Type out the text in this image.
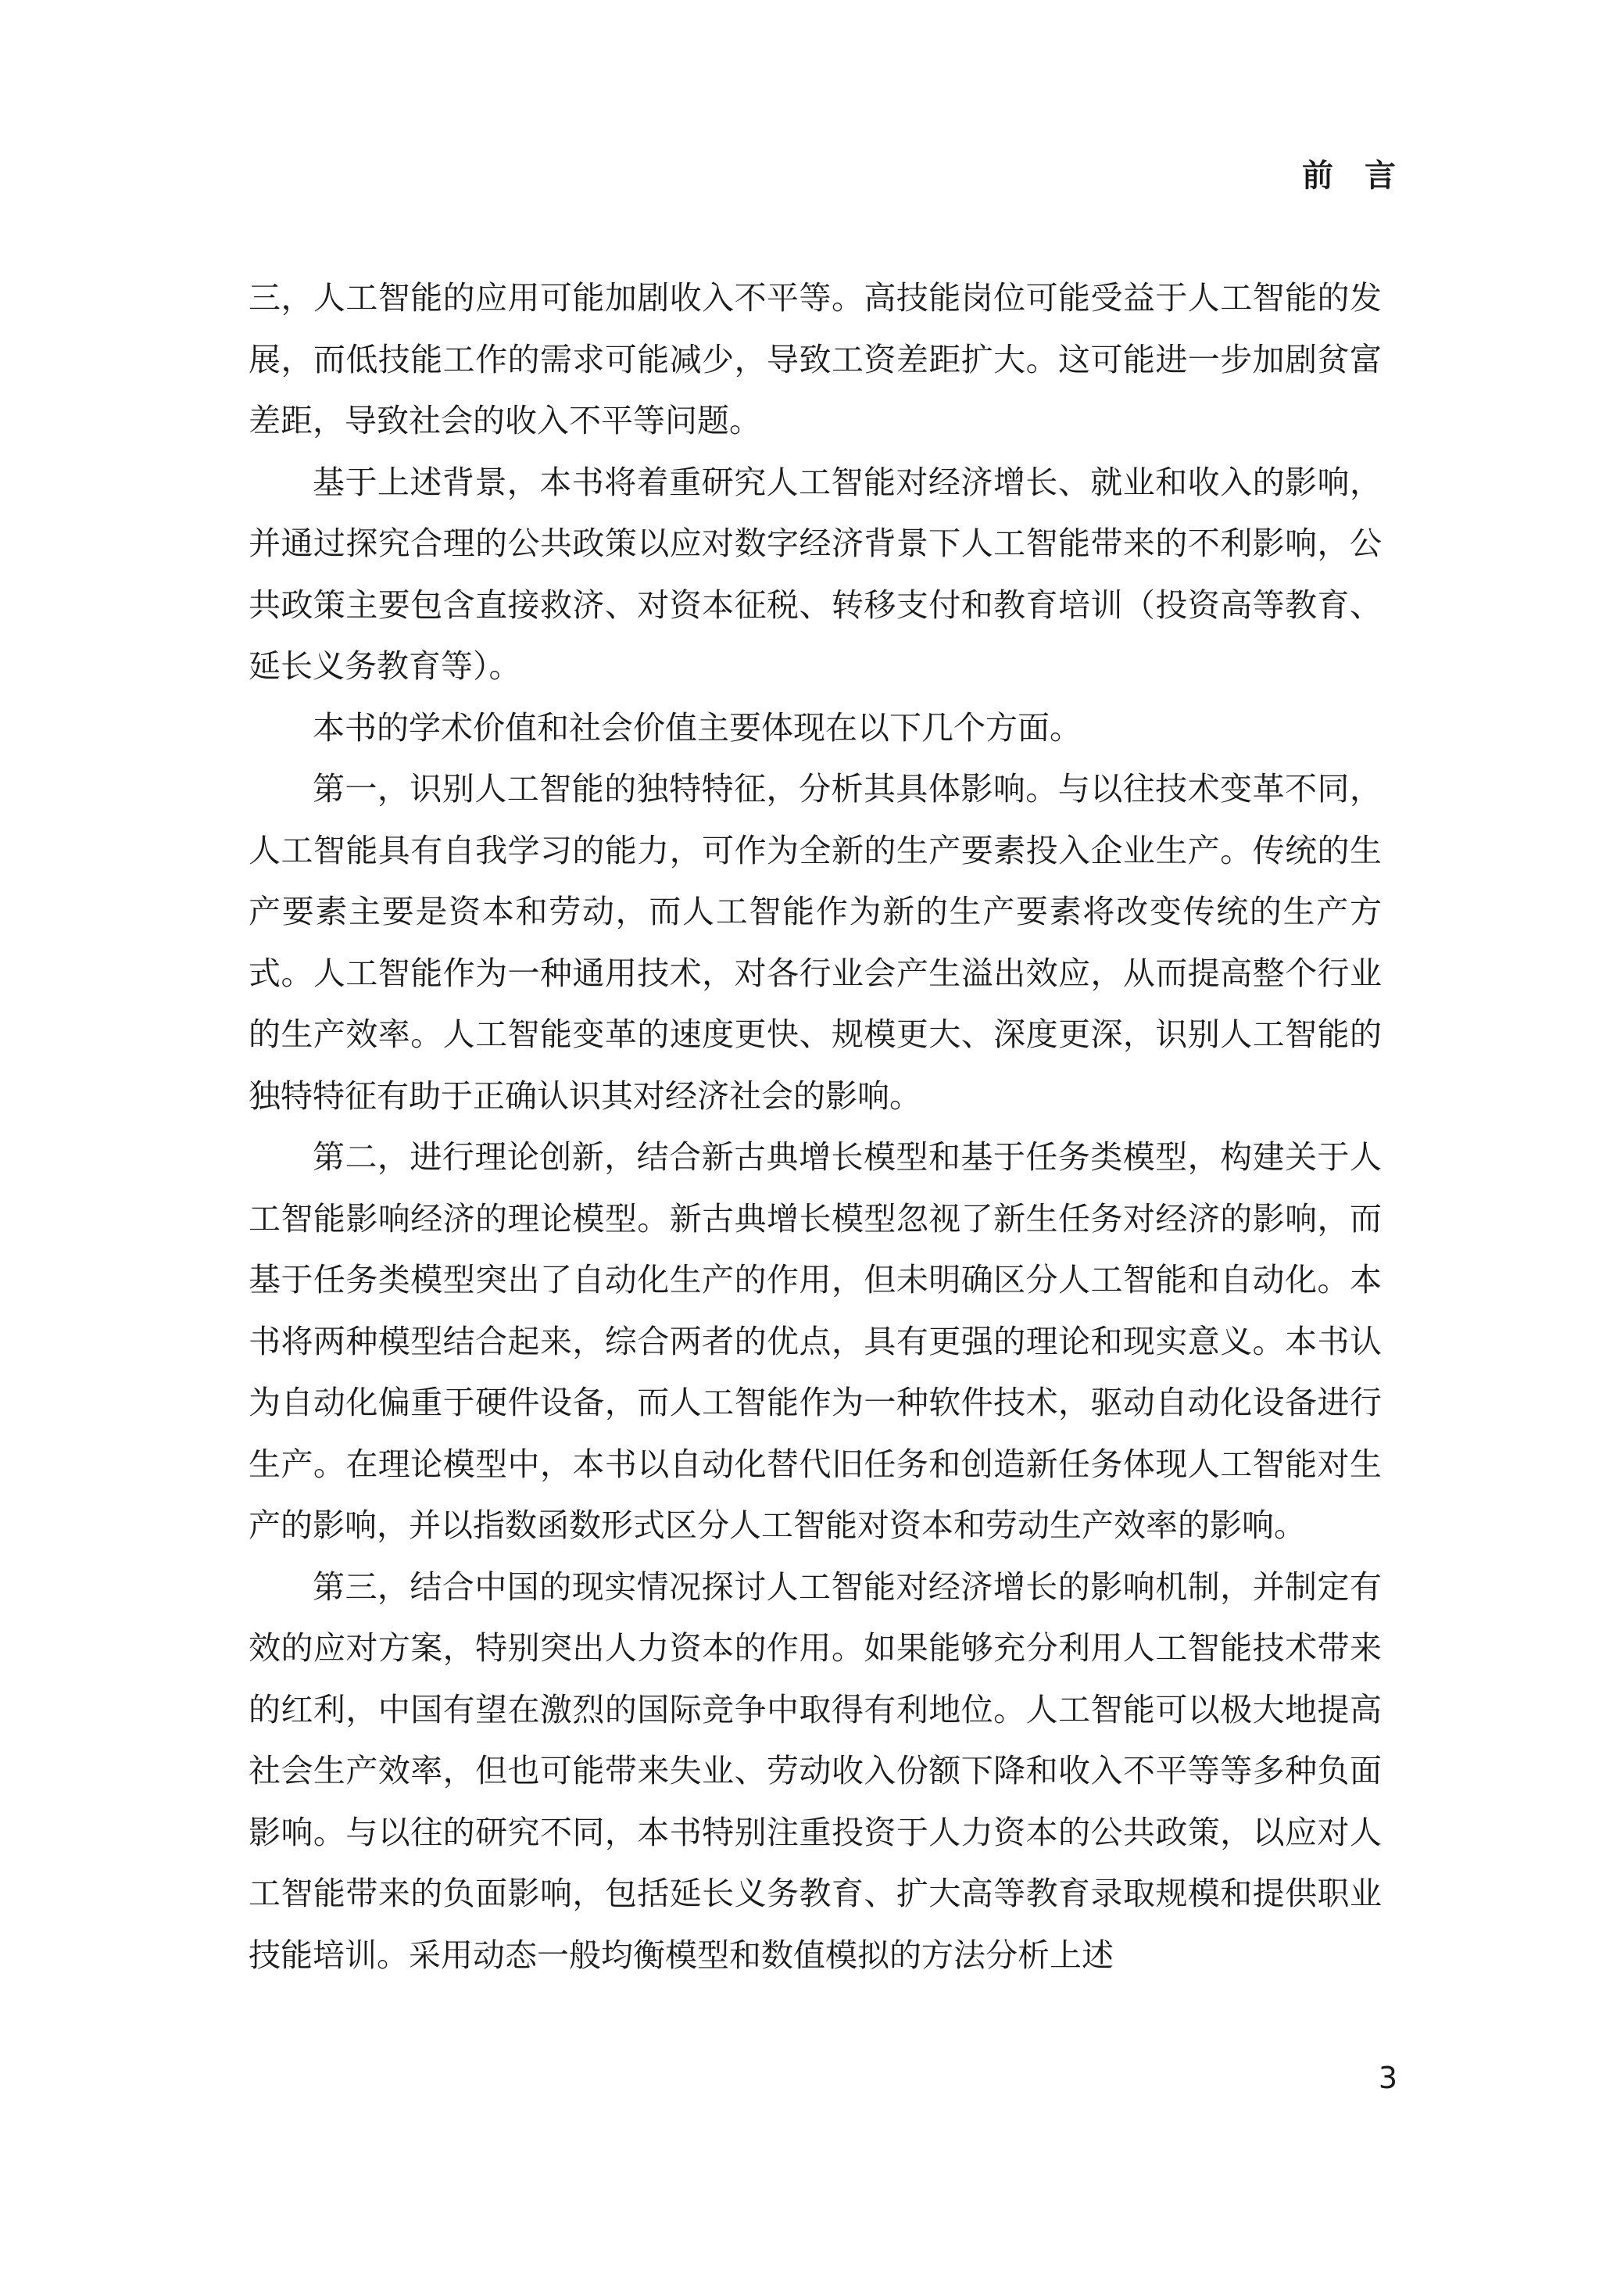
前言

三，人工智能的应用可能加剧收入不平等。高技能岗位可能受益于人工智能的发展，而低技能工作的需求可能减少，导致工资差距扩大。这可能进一步加剧贫富差距，导致社会的收入不平等问题。

基于上述背景，本书将着重研究人工智能对经济增长、就业和收入的影响，并通过探究合理的公共政策以应对数字经济背景下人工智能带来的不利影响，公共政策主要包含直接救济、对资本征税、转移支付和教育培训（投资高等教育、延长义务教育等）。

本书的学术价值和社会价值主要体现在以下几个方面。

第一，识别人工智能的独特特征，分析其具体影响。与以往技术变革不同，人工智能具有自我学习的能力，可作为全新的生产要素投入企业生产。传统的生产要素主要是资本和劳动，而人工智能作为新的生产要素将改变传统的生产方式。人工智能作为一种通用技术，对各行业会产生溢出效应，从而提高整个行业的生产效率。人工智能变革的速度更快、规模更大、深度更深，识别人工智能的独特特征有助于正确认识其对经济社会的影响。

第二，进行理论创新，结合新古典增长模型和基于任务类模型，构建关于人工智能影响经济的理论模型。新古典增长模型忽视了新生任务对经济的影响，而基于任务类模型突出了自动化生产的作用，但未明确区分人工智能和自动化。本书将两种模型结合起来，综合两者的优点，具有更强的理论和现实意义。本书认为自动化偏重于硬件设备，而人工智能作为一种软件技术，驱动自动化设备进行生产。在理论模型中，本书以自动化替代旧任务和创造新任务体现人工智能对生产的影响，并以指数函数形式区分人工智能对资本和劳动生产效率的影响。

第三，结合中国的现实情况探讨人工智能对经济增长的影响机制，并制定有效的应对方案，特别突出人力资本的作用。如果能够充分利用人工智能技术带来的红利，中国有望在激烈的国际竞争中取得有利地位。人工智能可以极大地提高社会生产效率，但也可能带来失业、劳动收入份额下降和收入不平等等多种负面影响。与以往的研究不同，本书特别注重投资于人力资本的公共政策，以应对人工智能带来的负面影响，包括延长义务教育、扩大高等教育录取规模和提供职业技能培训。采用动态一般均衡模型和数值模拟的方法分析上述

3
